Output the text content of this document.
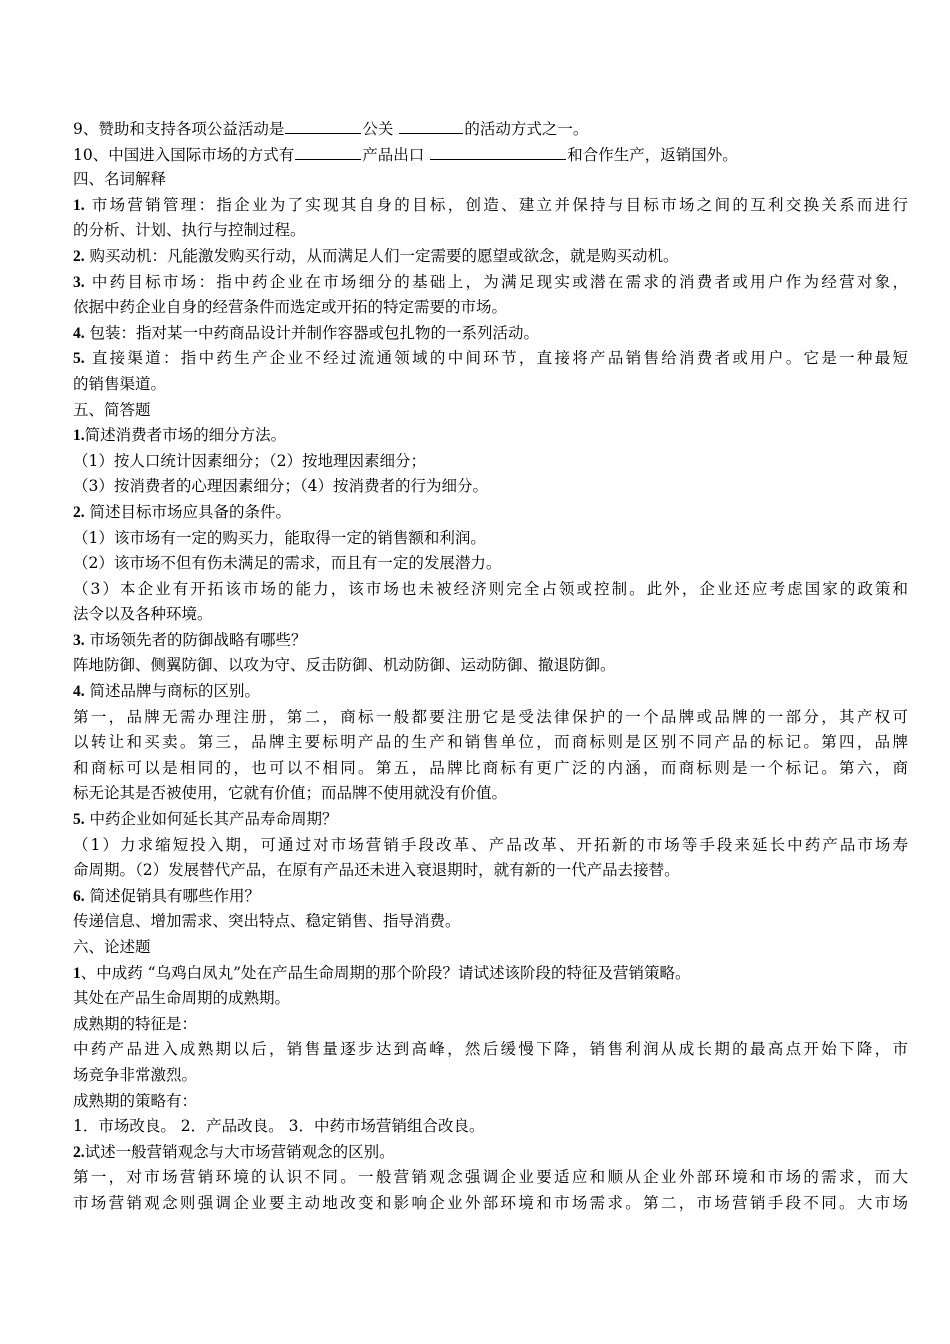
9、赞助和支持各项公益活动是	公关	的活动方式之一。
10、中国进入国际市场的方式有	产品出口	和合作生产，返销国外。
四、名词解释
1. 市场营销管理：指企业为了实现其自身的目标，创造、建立并保持与目标市场之间的互利交换关系而进行
的分析、计划、执行与控制过程。
2. 购买动机：凡能激发购买行动，从而满足人们一定需要的愿望或欲念，就是购买动机。
3. 中药目标市场：指中药企业在市场细分的基础上，为满足现实或潜在需求的消费者或用户作为经营对象，
依据中药企业自身的经营条件而选定或开拓的特定需要的市场。
4. 包装：指对某一中药商品设计并制作容器或包扎物的一系列活动。
5. 直接渠道：指中药生产企业不经过流通领域的中间环节，直接将产品销售给消费者或用户。它是一种最短
的销售渠道。
五、简答题
1.简述消费者市场的细分方法。
（1）按人口统计因素细分；（2）按地理因素细分；
（3）按消费者的心理因素细分；（4）按消费者的行为细分。
2. 简述目标市场应具备的条件。
（1）该市场有一定的购买力，能取得一定的销售额和利润。
（2）该市场不但有伤未满足的需求，而且有一定的发展潜力。
（3）本企业有开拓该市场的能力，该市场也未被经济则完全占领或控制。此外，企业还应考虑国家的政策和
法令以及各种环境。
3. 市场领先者的防御战略有哪些？
阵地防御、侧翼防御、以攻为守、反击防御、机动防御、运动防御、撤退防御。
4. 简述品牌与商标的区别。
第一，品牌无需办理注册，第二，商标一般都要注册它是受法律保护的一个品牌或品牌的一部分，其产权可
以转让和买卖。第三，品牌主要标明产品的生产和销售单位，而商标则是区别不同产品的标记。第四，品牌
和商标可以是相同的，也可以不相同。第五，品牌比商标有更广泛的内涵，而商标则是一个标记。第六，商
标无论其是否被使用，它就有价值；而品牌不使用就没有价值。
5. 中药企业如何延长其产品寿命周期？
（1）力求缩短投入期，可通过对市场营销手段改革、产品改革、开拓新的市场等手段来延长中药产品市场寿
命周期。（2）发展替代产品，在原有产品还未进入衰退期时，就有新的一代产品去接替。
6. 简述促销具有哪些作用？
传递信息、增加需求、突出特点、稳定销售、指导消费。
六、论述题
1、中成药 “乌鸡白凤丸”处在产品生命周期的那个阶段？请试述该阶段的特征及营销策略。
其处在产品生命周期的成熟期。
成熟期的特征是：
中药产品进入成熟期以后，销售量逐步达到高峰，然后缓慢下降，销售利润从成长期的最高点开始下降，市
场竞争非常激烈。
成熟期的策略有：
1．市场改良。 2．产品改良。 3．中药市场营销组合改良。
2.试述一般营销观念与大市场营销观念的区别。
第一，对市场营销环境的认识不同。一般营销观念强调企业要适应和顺从企业外部环境和市场的需求，而大
市场营销观念则强调企业要主动地改变和影响企业外部环境和市场需求。第二，市场营销手段不同。大市场
